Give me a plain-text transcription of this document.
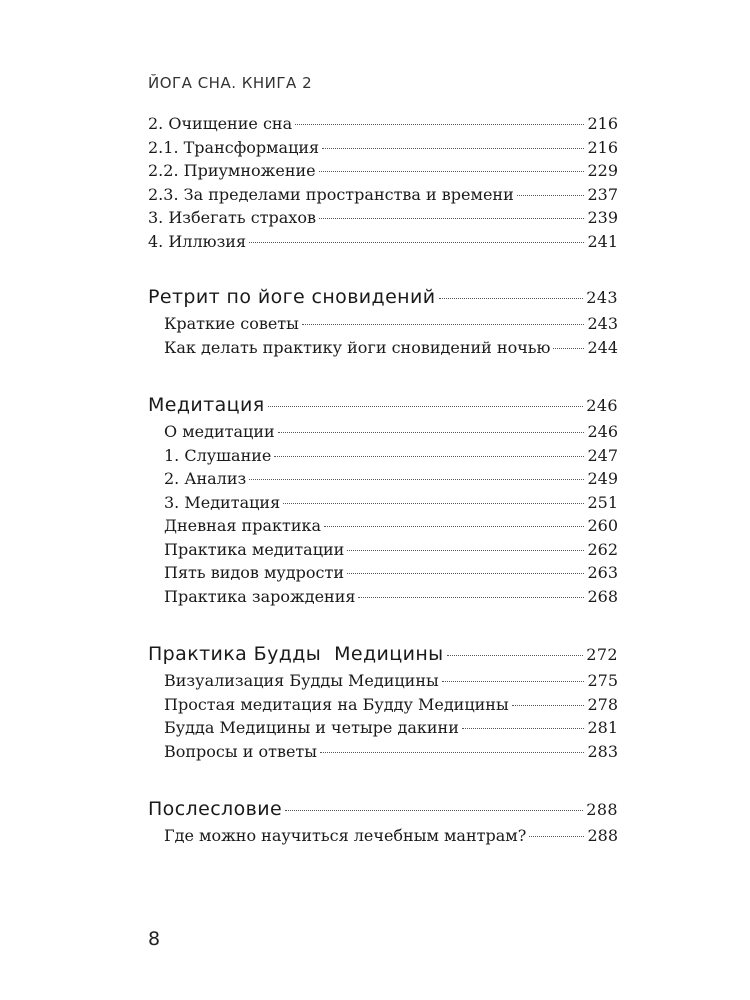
ЙОГА СНА. КНИГА 2
2. Очищение сна	216
2.1. Трансформация	216
2.2. Приумножение	229
2.3. За пределами пространства и времени	237
3. Избегать страхов	239
4. Иллюзия	241
Ретрит по йоге сновидений	243
Краткие советы	243
Как делать практику йоги сновидений ночью 244
Медитация	246
О медитации	246
1. Слушание	247
2. Анализ	249
3. Медитация	251
Дневная практика	260
Практика медитации	262
Пять видов мудрости	263
Практика зарождения	268
Практика Будды  Медицины	272
Визуализация Будды Медицины	275
Простая медитация на Будду Медицины	278
Будда Медицины и четыре дакини	281
Вопросы и ответы	283
Послесловие	288
Где можно научиться лечебным мантрам?	288
8
